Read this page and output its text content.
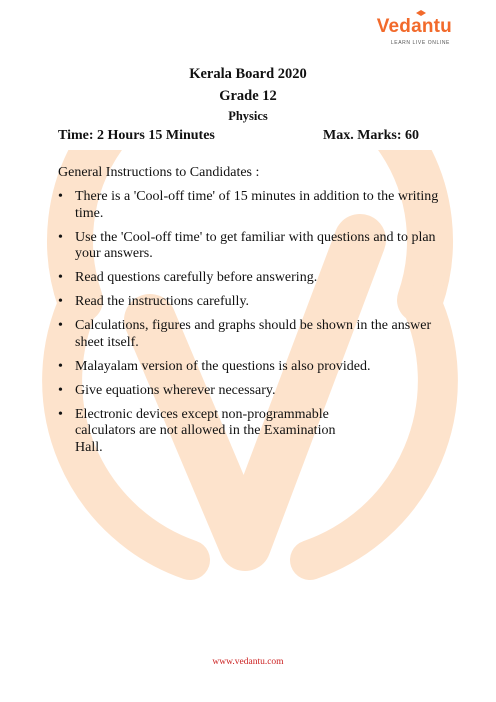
Vedantu
LEARN LIVE ONLINE
Kerala Board 2020
Grade 12
Physics
Time: 2 Hours 15 Minutes	Max. Marks: 60
General Instructions to Candidates :
• There is a 'Cool-off time' of 15 minutes in addition to the writing time.
• Use the 'Cool-off time' to get familiar with questions and to plan your answers.
• Read questions carefully before answering.
• Read the instructions carefully.
• Calculations, figures and graphs should be shown in the answer sheet itself.
• Malayalam version of the questions is also provided.
• Give equations wherever necessary.
• Electronic devices except non-programmable calculators are not allowed in the Examination Hall.
www.vedantu.com
